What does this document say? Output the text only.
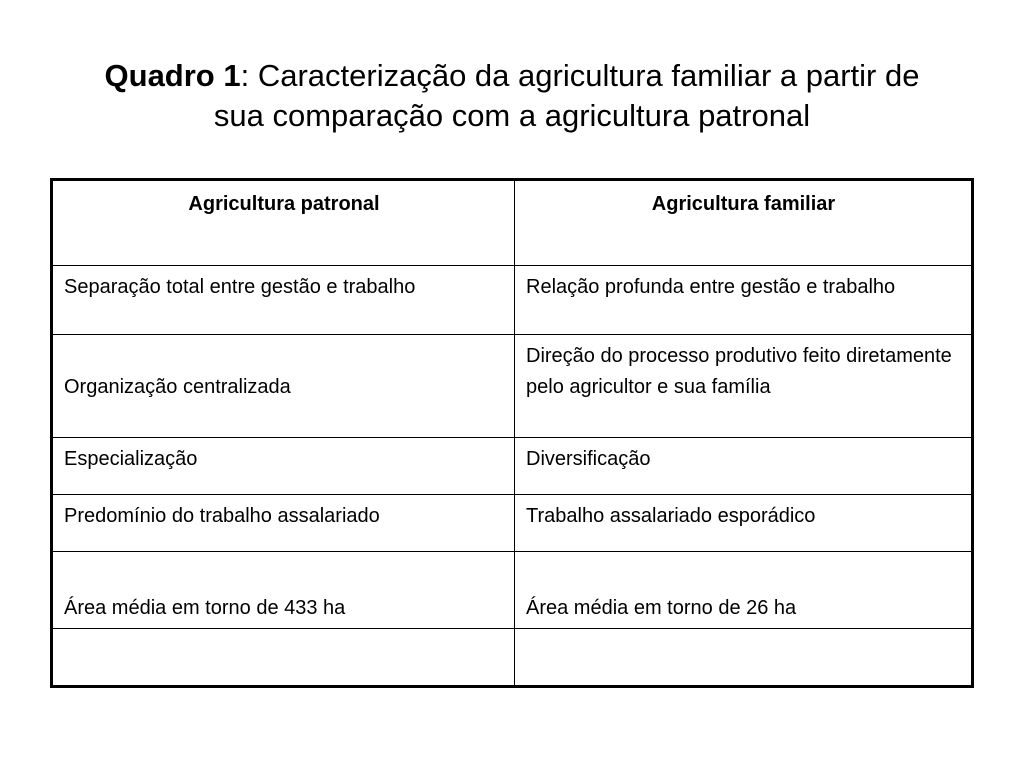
Quadro 1: Caracterização da agricultura familiar a partir de
sua comparação com a agricultura patronal
Agricultura patronal	Agricultura familiar
Separação total entre gestão e trabalho	Relação profunda entre gestão e trabalho
Organização centralizada	Direção do processo produtivo feito diretamente pelo agricultor e sua família
Especialização	Diversificação
Predomínio do trabalho assalariado	Trabalho assalariado esporádico
Área média em torno de 433 ha	Área média em torno de 26 ha
